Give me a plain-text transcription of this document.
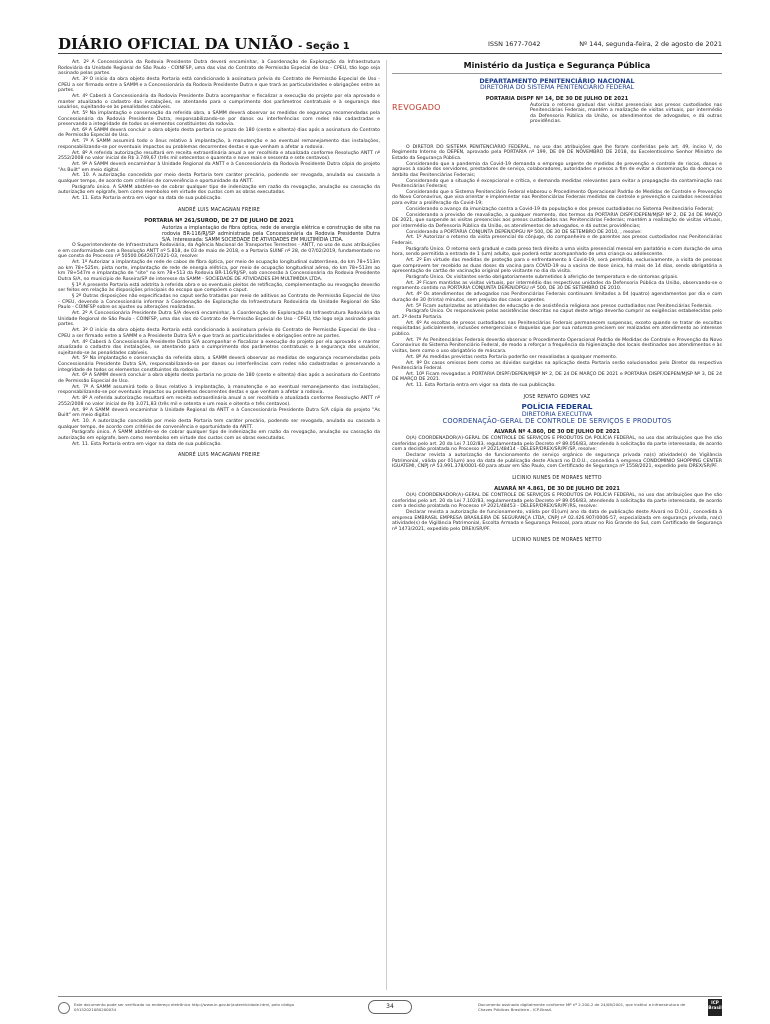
DIÁRIO OFICIAL DA UNIÃO - Seção 1	ISSN 1677-7042	Nº 144, segunda-feira, 2 de agosto de 2021

Art. 2º A Concessionária da Rodovia Presidente Dutra deverá encaminhar, à Coordenação de Exploração da Infraestrutura Rodoviária da Unidade Regional de São Paulo - COINFSP, uma das vias do Contrato de Permissão Especial de Uso - CPEU, tão logo seja assinado pelas partes.

Art. 3º O início da obra objeto desta Portaria está condicionado à assinatura prévia do Contrato de Permissão Especial de Uso - CPEU a ser firmado entre a SAMM e a Concessionária da Rodovia Presidente Dutra e que trará as particularidades e obrigações entre as partes.

Art. 4º Caberá à Concessionária da Rodovia Presidente Dutra acompanhar e fiscalizar a execução do projeto por ela aprovado e manter atualizado o cadastro das instalações, se atentando para o cumprimento dos parâmetros contratuais e à segurança dos usuários, sujeitando-se às penalidades cabíveis.

Art. 5º Na implantação e conservação da referida obra, a SAMM deverá observar as medidas de segurança recomendadas pela Concessionária da Rodovia Presidente Dutra, responsabilizando-se por danos ou interferências com redes não cadastradas e preservando a integridade de todos os elementos constituintes da rodovia.

Art. 6º A SAMM deverá concluir a obra objeto desta portaria no prazo de 180 (cento e oitenta) dias após a assinatura do Contrato de Permissão Especial de Uso.

Art. 7º A SAMM assumirá todo o ônus relativo à implantação, à manutenção e ao eventual remanejamento das instalações, responsabilizando-se por eventuais impactos ou problemas decorrentes destas e que venham a afetar a rodovia.

Art. 8º A referida autorização resultará em receita extraordinária anual a ser recolhida e atualizada conforme Resolução ANTT nº 2552/2008 no valor inicial de R$ 3.749,67 (três mil setecentos e quarenta e nove reais e sessenta e sete centavos).

Art. 9º A SAMM deverá encaminhar à Unidade Regional da ANTT e à Concessionária da Rodovia Presidente Dutra cópia do projeto "As Built" em meio digital.

Art. 10. A autorização concedida por meio desta Portaria tem caráter precário, podendo ser revogada, anulada ou cassada a qualquer tempo, de acordo com critérios de conveniência e oportunidade da ANTT.

Parágrafo único. A SAMM abstém-se de cobrar qualquer tipo de indenização em razão da revogação, anulação ou cassação da autorização em epígrafe, bem como reembolso em virtude dos custos com as obras executadas.

Art. 11. Esta Portaria entra em vigor na data de sua publicação.

ANDRÉ LUIS MACAGNAN FREIRE

PORTARIA Nº 261/SUROD, DE 27 DE JULHO DE 2021

Autoriza a implantação de fibra óptica, rede de energia elétrica e construção de site na rodovia BR-116/RJ/SP administrada pela Concessionária da Rodovia Presidente Dutra S/A. Interessada: SAMM SOCIEDADE DE ATIVIDADES EM MULTIMÍDIA LTDA.

O Superintendente de Infraestrutura Rodoviária, da Agência Nacional de Transportes Terrestres - ANTT, no uso de suas atribuições e em conformidade com a Resolução ANTT nº 5.818, de 03 de maio de 2018, e a Portaria SUINF nº 28, de 07/02/2019, fundamentado no que consta do Processo nº 50500.064267/2021-03, resolve:

Art. 1º Autorizar a implantação de rede de cabos de fibra óptica, por meio de ocupação longitudinal subterrânea, do km 78+513m ao km 78+525m, pista norte, implantação de rede de energia elétrica, por meio de ocupação longitudinal aérea, do km 78+513m ao km 78+547m e implantação de "site" no km 78+513 da Rodovia BR-116/RJ/SP, sob concessão à Concessionária da Rodovia Presidente Dutra S/A, no município de Roseira/SP de interesse da SAMM - SOCIEDADE DE ATIVIDADES EM MULTIMÍDIA LTDA.

§ 1º A presente Portaria está adstrita à referida obra e os eventuais pleitos de retificação, complementação ou revogação deverão ser feitos em relação às disposições principais do escopo que compõem o caput.

§ 2º Outras disposições não especificadas no caput serão tratadas por meio de aditivos ao Contrato de Permissão Especial de Uso - CPEU, devendo a Concessionária informar à Coordenação de Exploração da Infraestrutura Rodoviária da Unidade Regional de São Paulo - COINFSP sobre os ajustes ou alterações realizadas.

Art. 2º A Concessionária Presidente Dutra S/A deverá encaminhar, à Coordenação de Exploração da Infraestrutura Rodoviária da Unidade Regional de São Paulo - COINFSP, uma das vias do Contrato de Permissão Especial de Uso - CPEU, tão logo seja assinado pelas partes.

Art. 3º O início da obra objeto desta Portaria está condicionado à assinatura prévia do Contrato de Permissão Especial de Uso - CPEU a ser firmado entre a SAMM e a Presidente Dutra S/A e que trará as particularidades e obrigações entre as partes.

Art. 4º Caberá à Concessionária Presidente Dutra S/A acompanhar e fiscalizar a execução do projeto por ela aprovado e manter atualizado o cadastro das instalações, se atentando para o cumprimento dos parâmetros contratuais e à segurança dos usuários, sujeitando-se às penalidades cabíveis.

Art. 5º Na implantação e conservação da referida obra, a SAMM deverá observar as medidas de segurança recomendadas pela Concessionária Presidente Dutra S/A, responsabilizando-se por danos ou interferências com redes não cadastradas e preservando a integridade de todos os elementos constituintes da rodovia.

Art. 6º A SAMM deverá concluir a obra objeto desta portaria no prazo de 180 (cento e oitenta) dias após a assinatura do Contrato de Permissão Especial de Uso.

Art. 7º A SAMM assumirá todo o ônus relativo à implantação, à manutenção e ao eventual remanejamento das instalações, responsabilizando-se por eventuais impactos ou problemas decorrentes destas e que venham a afetar a rodovia.

Art. 8º A referida autorização resultará em receita extraordinária anual a ser recolhida e atualizada conforme Resolução ANTT nº 2552/2008 no valor inicial de R$ 3.071,83 (três mil e setenta e um reais e oitenta e três centavos).

Art. 9º A SAMM deverá encaminhar à Unidade Regional da ANTT e à Concessionária Presidente Dutra S/A cópia do projeto "As Built" em meio digital.

Art. 10. A autorização concedida por meio desta Portaria tem caráter precário, podendo ser revogada, anulada ou cassada a qualquer tempo, de acordo com critérios de conveniência e oportunidade da ANTT.

Parágrafo único. A SAMM abstém-se de cobrar qualquer tipo de indenização em razão da revogação, anulação ou cassação da autorização em epígrafe, bem como reembolso em virtude dos custos com as obras executadas.

Art. 11. Esta Portaria entra em vigor na data de sua publicação.

ANDRÉ LUIS MACAGNAN FREIRE

Ministério da Justiça e Segurança Pública
DEPARTAMENTO PENITENCIÁRIO NACIONAL
DIRETORIA DO SISTEMA PENITENCIÁRIO FEDERAL

PORTARIA DISPF Nº 14, DE 30 DE JULHO DE 2021

REVOGADO	Autoriza o retorno gradual das visitas presenciais aos presos custodiados nas Penitenciárias Federais, mantém a realização de visitas virtuais, por intermédio da Defensoria Pública da União, os atendimentos de advogados, e dá outras providências.

O DIRETOR DO SISTEMA PENITENCIÁRIO FEDERAL, no uso das atribuições que lhe foram conferidas pelo art. 49, inciso V, do Regimento Interno do DEPEN, aprovado pela PORTARIA nº 199, DE 09 DE NOVEMBRO DE 2018, do Excelentíssimo Senhor Ministro de Estado da Segurança Pública.

Considerando que a pandemia da Covid-19 demanda o emprego urgente de medidas de prevenção e controle de riscos, danos e agravos à saúde dos servidores, prestadores de serviço, colaboradores, autoridades e presos a fim de evitar a disseminação da doença no âmbito das Penitenciárias Federais;

Considerando que a situação é excepcional e crítica, e demanda medidas relevantes para evitar a propagação da contaminação nas Penitenciárias Federais;

Considerando que o Sistema Penitenciário Federal elaborou o Procedimento Operacional Padrão de Medidas de Controle e Prevenção do Novo Coronavírus, que visa orientar e implementar nas Penitenciárias Federais medidas de controle e prevenção e cuidados necessários para evitar a proliferação da Covid-19;

Considerando o avanço da imunização contra a Covid-19 da população e dos presos custodiados no Sistema Penitenciário Federal;

Considerando a previsão de reavaliação, a qualquer momento, dos termos da PORTARIA DISPF/DEPEN/MJSP Nº 2, DE 24 DE MARÇO DE 2021, que suspende as visitas presenciais aos presos custodiados nas Penitenciárias Federais; mantém a realização de visitas virtuais, por intermédio da Defensoria Pública da União, os atendimentos de advogados, e dá outras providências;

Considerando a PORTARIA CONJUNTA DEPEN/DPGU Nº 500, DE 30 DE SETEMBRO DE 2010, , resolve:

Art. 1º Autorizar o retorno da visita presencial do cônjuge, do companheiro e de parentes aos presos custodiados nas Penitenciárias Federais.

Parágrafo Único. O retorno será gradual e cada preso terá direito a uma visita presencial mensal em parlatório e com duração de uma hora, sendo permitida a entrada de 1 (um) adulto, que poderá estar acompanhado de uma criança ou adolescente.

Art. 2º Em virtude das medidas de proteção para o enfrentamento à Covid-19, será permitida, exclusivamente, a visita de pessoas que comprovem ter recebido as duas doses da vacina para COVID-19 ou a vacina de dose única, há mais de 14 dias, sendo obrigatória a apresentação de cartão de vacinação original pelo visitante no dia da visita.

Parágrafo Único. Os visitantes serão obrigatoriamente submetidos à aferição de temperatura e de sintomas gripais.

Art. 3º Ficam mantidas as visitas virtuais, por intermédio das respectivas unidades da Defensoria Pública da União, observando-se o regramento contido na PORTARIA CONJUNTA DEPEN/DPGU nº 500, DE 30 DE SETEMBRO DE 2010.

Art. 4º Os atendimentos de advogados nas Penitenciárias Federais continuam limitados a 04 (quatro) agendamentos por dia e com duração de 30 (trinta) minutos, sem prejuízo dos casos urgentes.

Art. 5º Ficam autorizadas as atividades de educação e de assistência religiosa aos presos custodiados nas Penitenciárias Federais.

Parágrafo Único. Os responsáveis pelas assistências descritas no caput deste artigo deverão cumprir as exigências estabelecidas pelo art. 2º desta Portaria.

Art. 6º As escoltas de presos custodiados nas Penitenciárias Federais permanecem suspensas, exceto quando se tratar de escoltas requisitadas judicialmente, inclusões emergenciais e daquelas que por sua natureza precisem ser realizadas em atendimento ao interesse público.

Art. 7º As Penitenciárias Federais deverão observar o Procedimento Operacional Padrão de Medidas de Controle e Prevenção do Novo Coronavírus do Sistema Penitenciário Federal, de modo a reforçar a frequência da higienização dos locais destinados aos atendimentos e às visitas, bem como o uso obrigatório de máscara.

Art. 8º As medidas previstas nesta Portaria poderão ser reavaliadas a qualquer momento.

Art. 9º Os casos omissos bem como as dúvidas surgidas na aplicação desta Portaria serão solucionados pelo Diretor da respectiva Penitenciária Federal.

Art. 10º Ficam revogadas a PORTARIA DISPF/DEPEN/MJSP Nº 2, DE 24 DE MARÇO DE 2021 e PORTARIA DISPF/DEPEN/MJSP Nº 3, DE 24 DE MARÇO DE 2021.

Art. 11. Esta Portaria entra em vigor na data de sua publicação.

JOSE RENATO GOMES VAZ

POLÍCIA FEDERAL
DIRETORIA EXECUTIVA
COORDENAÇÃO-GERAL DE CONTROLE DE SERVIÇOS E PRODUTOS

ALVARÁ Nº 4.860, DE 30 DE JULHO DE 2021

O(A) COORDENADOR(A)-GERAL DE CONTROLE DE SERVIÇOS E PRODUTOS DA POLÍCIA FEDERAL, no uso das atribuições que lhe são conferidas pelo art. 20 da Lei 7.102/83, regulamentada pelo Decreto nº 89.056/83, atendendo à solicitação da parte interessada, de acordo com a decisão prolatada no Processo nº 2021/48414 - DELESP/DREX/SR/PF/SP, resolve:

Declarar revista a autorização de funcionamento de serviço orgânico de segurança privada na(s) atividade(s) de Vigilância Patrimonial, válida por 01(um) ano da data de publicação deste Alvará no D.O.U., concedida à empresa CONDOMINIO SHOPPING CENTER IGUATEMI, CNPJ nº 53.991.378/0001-60 para atuar em São Paulo, com Certificado de Segurança nº 1558/2021, expedido pelo DREX/SR/PF.

LICINIO NUNES DE MORAES NETTO

ALVARÁ Nº 4.861, DE 30 DE JULHO DE 2021

O(A) COORDENADOR(A)-GERAL DE CONTROLE DE SERVIÇOS E PRODUTOS DA POLÍCIA FEDERAL, no uso das atribuições que lhe são conferidas pelo art. 20 da Lei 7.102/83, regulamentada pelo Decreto nº 89.056/83, atendendo à solicitação da parte interessada, de acordo com a decisão prolatada no Processo nº 2021/48453 - DELESP/DREX/SR/PF/RS, resolve:

Declarar revista a autorização de funcionamento, válida por 01(um) ano da data de publicação deste Alvará no D.O.U., concedida à empresa EMBRASIL EMPRESA BRASILEIRA DE SEGURANÇA LTDA, CNPJ nº 02.426.907/0006-57, especializada em segurança privada, na(s) atividade(s) de Vigilância Patrimonial, Escolta Armada e Segurança Pessoal, para atuar no Rio Grande do Sul, com Certificado de Segurança nº 1473/2021, expedido pelo DREX/SR/PF.

LICINIO NUNES DE MORAES NETTO

Este documento pode ser verificado no endereço eletrônico http://www.in.gov.br/autenticidade.html, pelo código 05152021080200034	34	Documento assinado digitalmente conforme MP nº 2.200-2 de 24/08/2001, que institui a Infraestrutura de Chaves Públicas Brasileira - ICP-Brasil.
ICP Brasil
